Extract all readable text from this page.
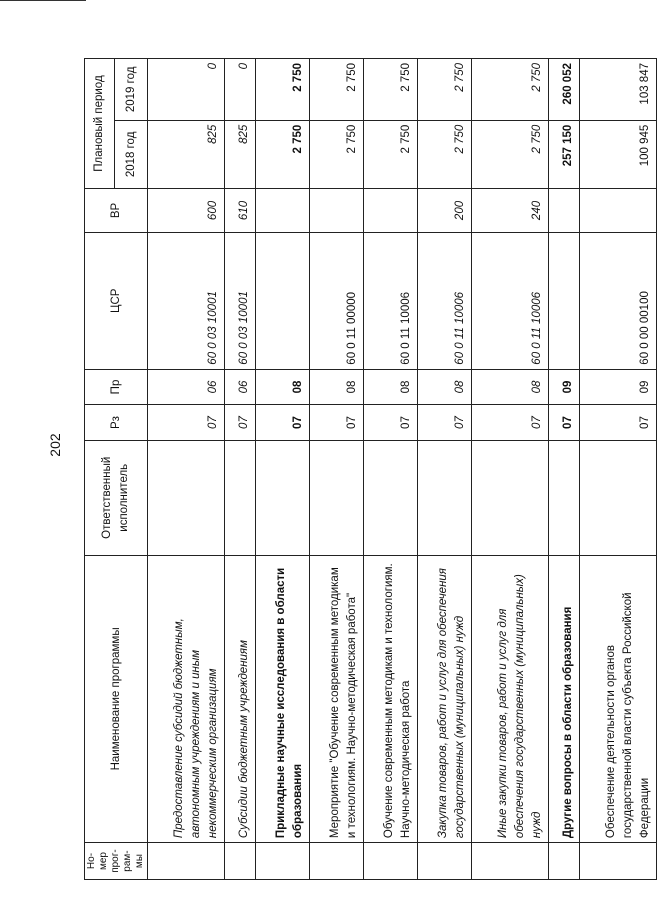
202
Но-мер прог-рам-мы	Наименование программы	Ответственный исполнитель	Рз	Пр	ЦСР	ВР	Плановый период	
							2018 год	2019 год
	Предоставление субсидий бюджетным, автономным учреждениям и иным некоммерческим организациям		07	06	60 0 03 10001	600	825	0
	Субсидии бюджетным учреждениям		07	06	60 0 03 10001	610	825	0
	Прикладные научные исследования в области образования		07	08			2 750	2 750
	Мероприятие "Обучение современным методикам и технологиям. Научно-методическая работа"		07	08	60 0 11 00000		2 750	2 750
	Обучение современным методикам и технологиям. Научно-методическая работа		07	08	60 0 11 10006		2 750	2 750
	Закупка товаров, работ и услуг для обеспечения государственных (муниципальных) нужд		07	08	60 0 11 10006	200	2 750	2 750
	Иные закупки товаров, работ и услуг для обеспечения государственных (муниципальных) нужд		07	08	60 0 11 10006	240	2 750	2 750
	Другие вопросы в области образования		07	09			257 150	260 052
	Обеспечение деятельности органов государственной власти субъекта Российской Федерации		07	09	60 0 00 00100		100 945	103 847
